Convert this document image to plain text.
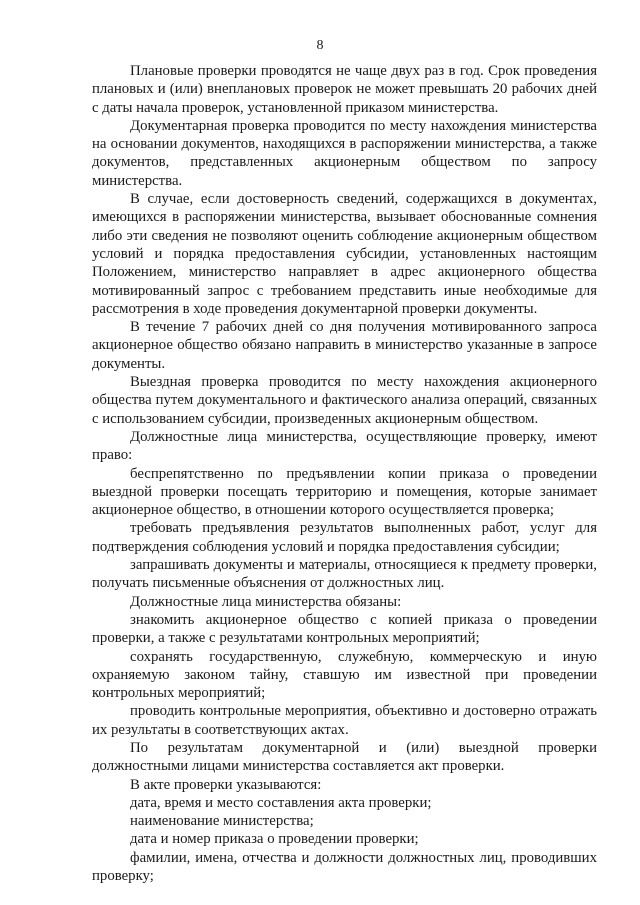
8

Плановые проверки проводятся не чаще двух раз в год. Срок проведения плановых и (или) внеплановых проверок не может превышать 20 рабочих дней с даты начала проверок, установленной приказом министерства.

Документарная проверка проводится по месту нахождения министерства на основании документов, находящихся в распоряжении министерства, а также документов, представленных акционерным обществом по запросу министерства.

В случае, если достоверность сведений, содержащихся в документах, имеющихся в распоряжении министерства, вызывает обоснованные сомнения либо эти сведения не позволяют оценить соблюдение акционерным обществом условий и порядка предоставления субсидии, установленных настоящим Положением, министерство направляет в адрес акционерного общества мотивированный запрос с требованием представить иные необходимые для рассмотрения в ходе проведения документарной проверки документы.

В течение 7 рабочих дней со дня получения мотивированного запроса акционерное общество обязано направить в министерство указанные в запросе документы.

Выездная проверка проводится по месту нахождения акционерного общества путем документального и фактического анализа операций, связанных с использованием субсидии, произведенных акционерным обществом.

Должностные лица министерства, осуществляющие проверку, имеют право:

беспрепятственно по предъявлении копии приказа о проведении выездной проверки посещать территорию и помещения, которые занимает акционерное общество, в отношении которого осуществляется проверка;

требовать предъявления результатов выполненных работ, услуг для подтверждения соблюдения условий и порядка предоставления субсидии;

запрашивать документы и материалы, относящиеся к предмету проверки, получать письменные объяснения от должностных лиц.

Должностные лица министерства обязаны:

знакомить акционерное общество с копией приказа о проведении проверки, а также с результатами контрольных мероприятий;

сохранять государственную, служебную, коммерческую и иную охраняемую законом тайну, ставшую им известной при проведении контрольных мероприятий;

проводить контрольные мероприятия, объективно и достоверно отражать их результаты в соответствующих актах.

По результатам документарной и (или) выездной проверки должностными лицами министерства составляется акт проверки.

В акте проверки указываются:

дата, время и место составления акта проверки;

наименование министерства;

дата и номер приказа о проведении проверки;

фамилии, имена, отчества и должности должностных лиц, проводивших проверку;
